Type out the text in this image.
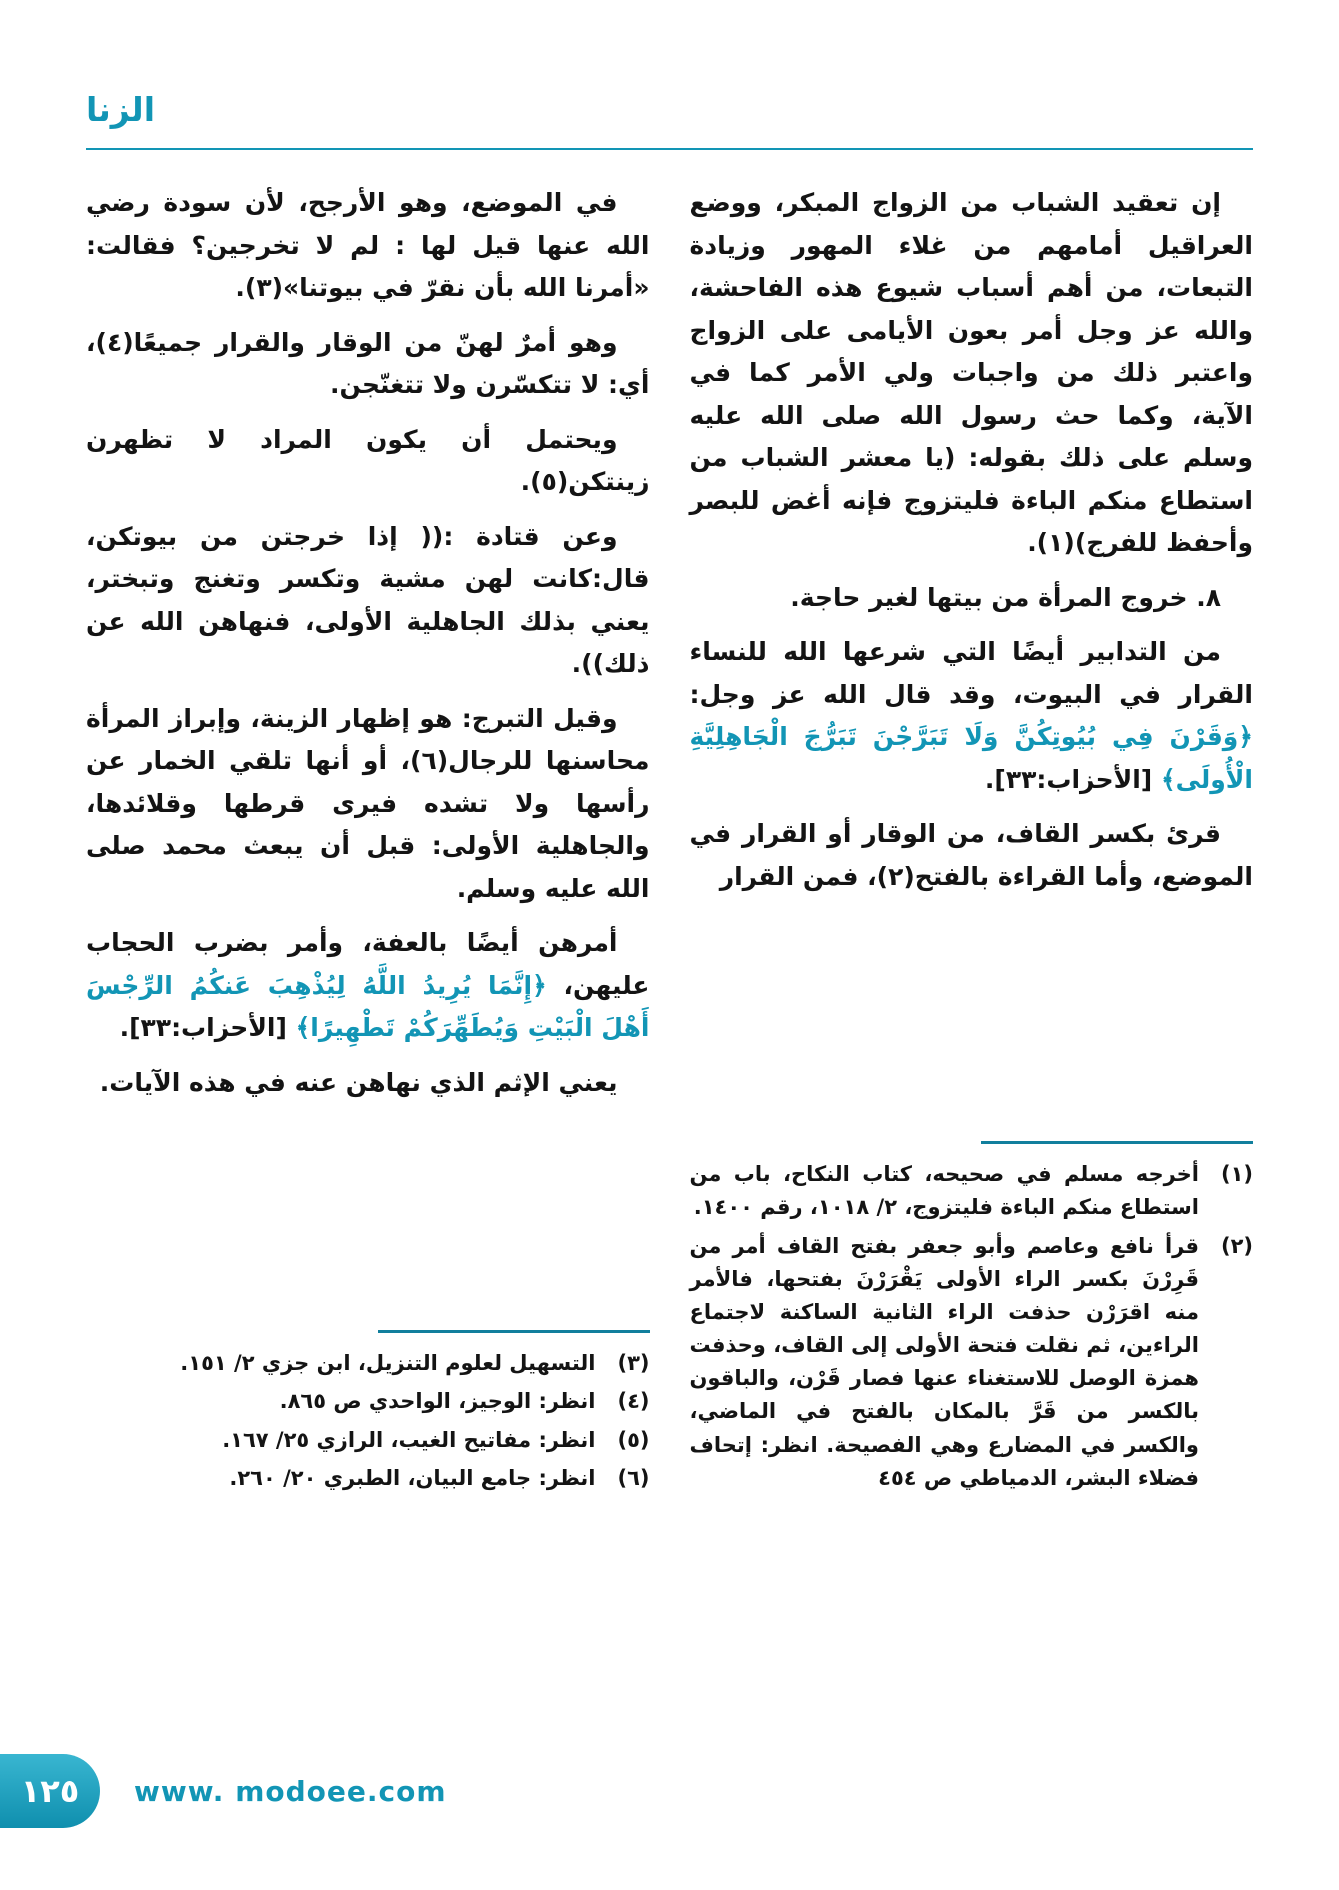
الزنا

إن تعقيد الشباب من الزواج المبكر، ووضع العراقيل أمامهم من غلاء المهور وزيادة التبعات، من أهم أسباب شيوع هذه الفاحشة، والله عز وجل أمر بعون الأيامى على الزواج واعتبر ذلك من واجبات ولي الأمر كما في الآية، وكما حث رسول الله صلى الله عليه وسلم على ذلك بقوله: (يا معشر الشباب من استطاع منكم الباءة فليتزوج فإنه أغض للبصر وأحفظ للفرج)(١).

٨. خروج المرأة من بيتها لغير حاجة.

من التدابير أيضًا التي شرعها الله للنساء القرار في البيوت، وقد قال الله عز وجل: ﴿وَقَرْنَ فِي بُيُوتِكُنَّ وَلَا تَبَرَّجْنَ تَبَرُّجَ الْجَاهِلِيَّةِ الْأُولَى﴾ [الأحزاب:٣٣].

قرئ بكسر القاف، من الوقار أو القرار في الموضع، وأما القراءة بالفتح(٢)، فمن القرار

(١)
أخرجه مسلم في صحيحه، كتاب النكاح، باب من استطاع منكم الباءة فليتزوج، ٢/ ١٠١٨، رقم ١٤٠٠.
(٢)
قرأ نافع وعاصم وأبو جعفر بفتح القاف أمر من قَرِرْنَ بكسر الراء الأولى يَقْرَرْنَ بفتحها، فالأمر منه اقرَرْن حذفت الراء الثانية الساكنة لاجتماع الراءين، ثم نقلت فتحة الأولى إلى القاف، وحذفت همزة الوصل للاستغناء عنها فصار قَرْن، والباقون بالكسر من قَرَّ بالمكان بالفتح في الماضي، والكسر في المضارع وهي الفصيحة. انظر: إتحاف فضلاء البشر، الدمياطي ص ٤٥٤

في الموضع، وهو الأرجح، لأن سودة رضي الله عنها قيل لها : لم لا تخرجين؟ فقالت: «أمرنا الله بأن نقرّ في بيوتنا»(٣).

وهو أمرٌ لهنّ من الوقار والقرار جميعًا(٤)، أي: لا تتكسّرن ولا تتغنّجن.

ويحتمل أن يكون المراد لا تظهرن زينتكن(٥).

وعن قتادة :(( إذا خرجتن من بيوتكن، قال:كانت لهن مشية وتكسر وتغنج وتبختر، يعني بذلك الجاهلية الأولى، فنهاهن الله عن ذلك)).

وقيل التبرج: هو إظهار الزينة، وإبراز المرأة محاسنها للرجال(٦)، أو أنها تلقي الخمار عن رأسها ولا تشده فيرى قرطها وقلائدها، والجاهلية الأولى: قبل أن يبعث محمد صلى الله عليه وسلم.

أمرهن أيضًا بالعفة، وأمر بضرب الحجاب عليهن، ﴿إِنَّمَا يُرِيدُ اللَّهُ لِيُذْهِبَ عَنكُمُ الرِّجْسَ أَهْلَ الْبَيْتِ وَيُطَهِّرَكُمْ تَطْهِيرًا﴾ [الأحزاب:٣٣].

يعني الإثم الذي نهاهن عنه في هذه الآيات.

(٣)
التسهيل لعلوم التنزيل، ابن جزي ٢/ ١٥١.
(٤)
انظر: الوجيز، الواحدي ص ٨٦٥.
(٥)
انظر: مفاتيح الغيب، الرازي ٢٥/ ١٦٧.
(٦)
انظر: جامع البيان، الطبري ٢٠/ ٢٦٠.
١٢٥ www. modoee.com
